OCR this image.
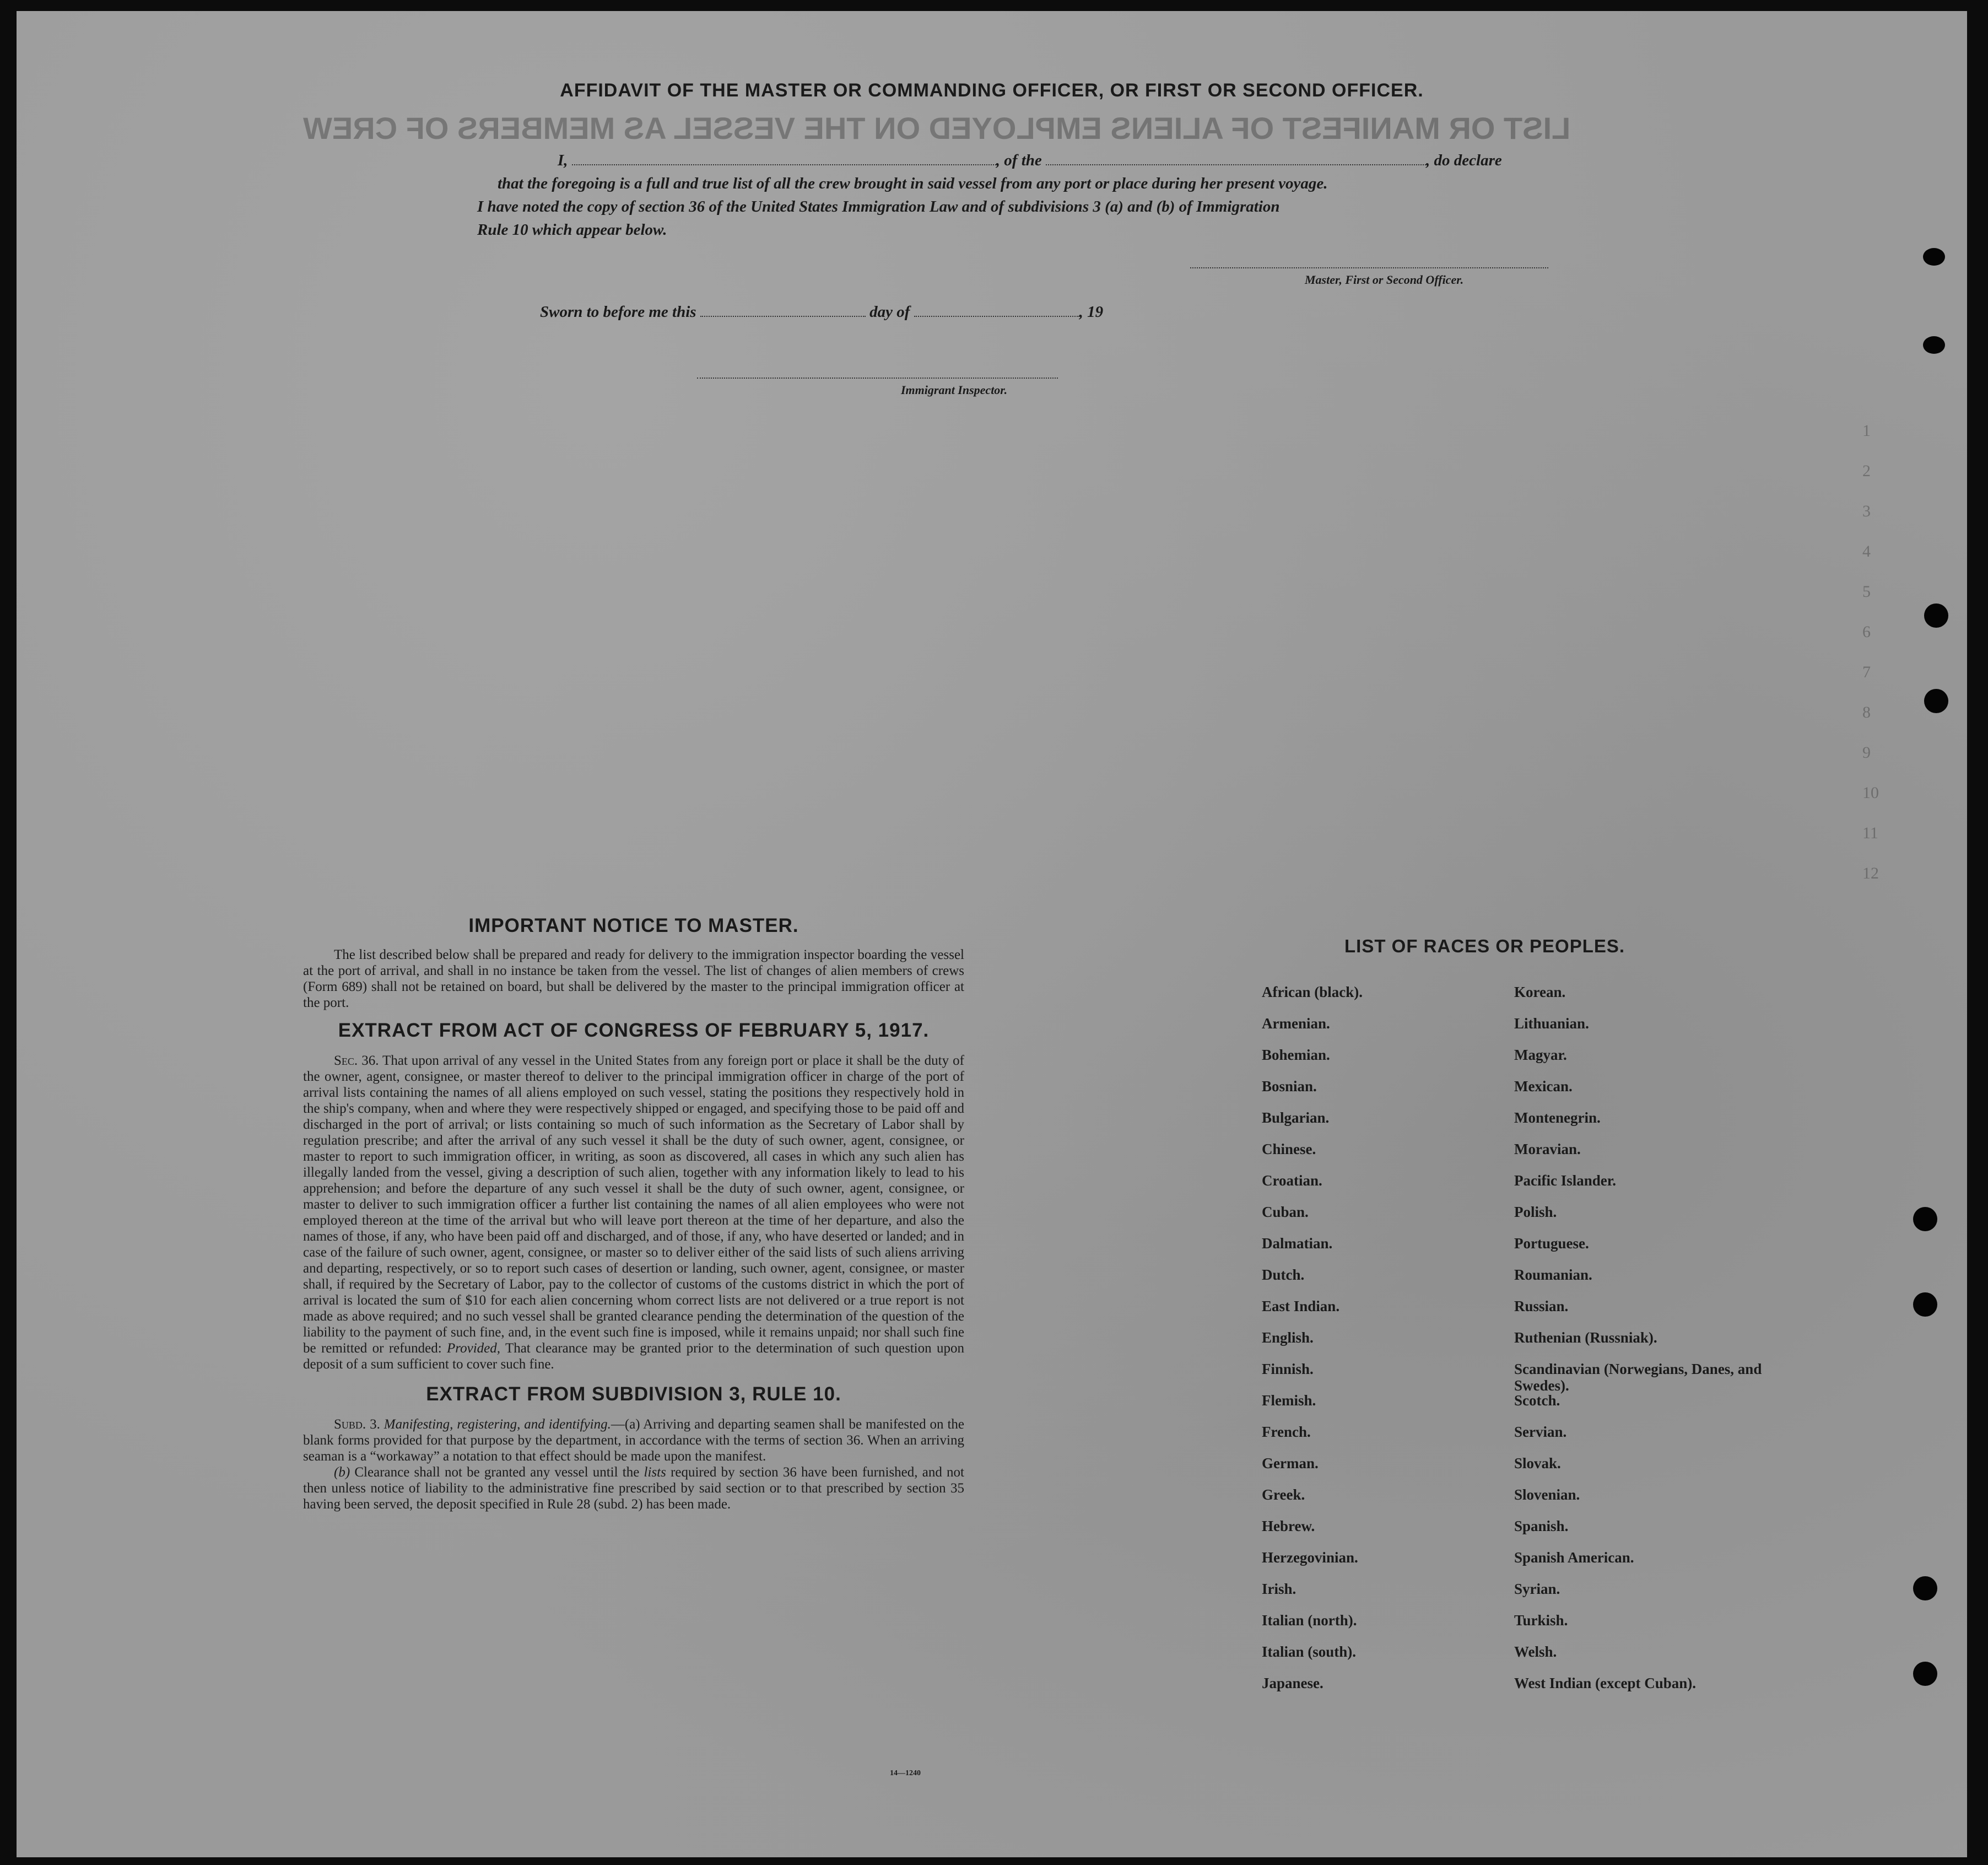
LIST OR MANIFEST OF ALIENS EMPLOYED ON THE VESSEL AS MEMBERS OF CREW
1
2
3
4
5
6
7
8
9
10
11
12
AFFIDAVIT OF THE MASTER OR COMMANDING OFFICER, OR FIRST OR SECOND OFFICER.
I,	, of the	, do declare
that the foregoing is a full and true list of all the crew brought in said vessel from any port or place during her present voyage.
I have noted the copy of section 36 of the United States Immigration Law and of subdivisions 3 (a) and (b) of Immigration
Rule 10 which appear below.
Master, First or Second Officer.
Sworn to before me this	day of	, 19
Immigrant Inspector.
IMPORTANT NOTICE TO MASTER.

The list described below shall be prepared and ready for delivery to the immigration inspector boarding the vessel at the port of arrival, and shall in no instance be taken from the vessel. The list of changes of alien members of crews (Form 689) shall not be retained on board, but shall be delivered by the master to the principal immigration officer at the port.

EXTRACT FROM ACT OF CONGRESS OF FEBRUARY 5, 1917.

Sec. 36. That upon arrival of any vessel in the United States from any foreign port or place it shall be the duty of the owner, agent, consignee, or master thereof to deliver to the principal immigration officer in charge of the port of arrival lists containing the names of all aliens employed on such vessel, stating the positions they respectively hold in the ship's company, when and where they were respectively shipped or engaged, and specifying those to be paid off and discharged in the port of arrival; or lists containing so much of such information as the Secretary of Labor shall by regulation prescribe; and after the arrival of any such vessel it shall be the duty of such owner, agent, consignee, or master to report to such immigration officer, in writing, as soon as discovered, all cases in which any such alien has illegally landed from the vessel, giving a description of such alien, together with any information likely to lead to his apprehension; and before the departure of any such vessel it shall be the duty of such owner, agent, consignee, or master to deliver to such immigration officer a further list containing the names of all alien employees who were not employed thereon at the time of the arrival but who will leave port thereon at the time of her departure, and also the names of those, if any, who have been paid off and discharged, and of those, if any, who have deserted or landed; and in case of the failure of such owner, agent, consignee, or master so to deliver either of the said lists of such aliens arriving and departing, respectively, or so to report such cases of desertion or landing, such owner, agent, consignee, or master shall, if required by the Secretary of Labor, pay to the collector of customs of the customs district in which the port of arrival is located the sum of $10 for each alien concerning whom correct lists are not delivered or a true report is not made as above required; and no such vessel shall be granted clearance pending the determination of the question of the liability to the payment of such fine, and, in the event such fine is imposed, while it remains unpaid; nor shall such fine be remitted or refunded: Provided, That clearance may be granted prior to the determination of such question upon deposit of a sum sufficient to cover such fine.

EXTRACT FROM SUBDIVISION 3, RULE 10.

Subd. 3. Manifesting, registering, and identifying.—(a) Arriving and departing seamen shall be manifested on the blank forms provided for that purpose by the department, in accordance with the terms of section 36. When an arriving seaman is a “workaway” a notation to that effect should be made upon the manifest.

(b) Clearance shall not be granted any vessel until the lists required by section 36 have been furnished, and not then unless notice of liability to the administrative fine prescribed by said section or to that prescribed by section 35 having been served, the deposit specified in Rule 28 (subd. 2) has been made.

14—1240
LIST OF RACES OR PEOPLES.
African (black).
Armenian.
Bohemian.
Bosnian.
Bulgarian.
Chinese.
Croatian.
Cuban.
Dalmatian.
Dutch.
East Indian.
English.
Finnish.
Flemish.
French.
German.
Greek.
Hebrew.
Herzegovinian.
Irish.
Italian (north).
Italian (south).
Japanese.
Korean.
Lithuanian.
Magyar.
Mexican.
Montenegrin.
Moravian.
Pacific Islander.
Polish.
Portuguese.
Roumanian.
Russian.
Ruthenian (Russniak).
Scandinavian (Norwegians, Danes, and Swedes).
Scotch.
Servian.
Slovak.
Slovenian.
Spanish.
Spanish American.
Syrian.
Turkish.
Welsh.
West Indian (except Cuban).
